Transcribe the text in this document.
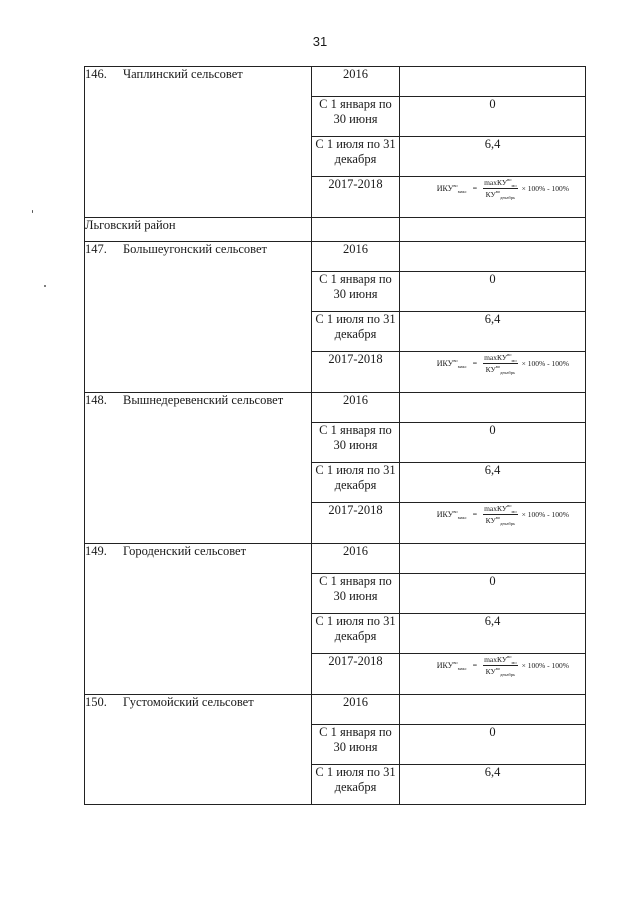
31
146. Чаплинский сельсовет	2016	
	С 1 января по 30 июня	0
	С 1 июля по 31 декабря	6,4
	2017-2018	$ИКУ^{во}_{макс} = \frac{\max КУ^{во}_{мо}}{КУ^{во}_{декабрь}} \times 100\% - 100\%$

Льговский район		
147. Большеугонский сельсовет	2016	
	С 1 января по 30 июня	0
	С 1 июля по 31 декабря	6,4
	2017-2018	$ИКУ^{во}_{макс} = \frac{\max КУ^{во}_{мо}}{КУ^{во}_{декабрь}} \times 100\% - 100\%$

148. Вышнедеревенский сельсовет	2016	
	С 1 января по 30 июня	0
	С 1 июля по 31 декабря	6,4
	2017-2018	$ИКУ^{во}_{макс} = \frac{\max КУ^{во}_{мо}}{КУ^{во}_{декабрь}} \times 100\% - 100\%$

149. Городенский сельсовет	2016	
	С 1 января по 30 июня	0
	С 1 июля по 31 декабря	6,4
	2017-2018	$ИКУ^{во}_{макс} = \frac{\max КУ^{во}_{мо}}{КУ^{во}_{декабрь}} \times 100\% - 100\%$

150. Густомойский сельсовет	2016	
	С 1 января по 30 июня	0
	С 1 июля по 31 декабря	6,4
